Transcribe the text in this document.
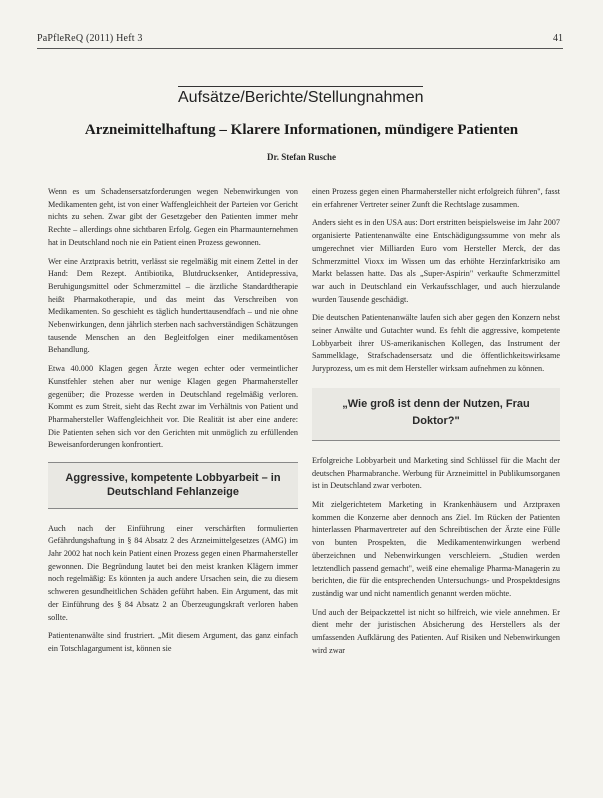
PaPfleReQ (2011) Heft 3	41
Aufsätze/Berichte/Stellungnahmen
Arzneimittelhaftung – Klarere Informationen, mündigere Patienten
Dr. Stefan Rusche

Wenn es um Schadensersatzforderungen wegen Nebenwirkungen von Medikamenten geht, ist von einer Waffengleichheit der Parteien vor Gericht nichts zu sehen. Zwar gibt der Gesetzgeber den Patienten immer mehr Rechte – allerdings ohne sichtbaren Erfolg. Gegen ein Pharmaunternehmen hat in Deutschland noch nie ein Patient einen Prozess gewonnen.

Wer eine Arztpraxis betritt, verlässt sie regelmäßig mit einem Zettel in der Hand: Dem Rezept. Antibiotika, Blutdrucksenker, Antidepressiva, Beruhigungsmittel oder Schmerzmittel – die ärztliche Standardtherapie heißt Pharmakotherapie, und das meint das Verschreiben von Medikamenten. So geschieht es täglich hunderttausendfach – und nie ohne Nebenwirkungen, denn jährlich sterben nach sachverständigen Schätzungen tausende Menschen an den Begleitfolgen einer medikamentösen Behandlung.

Etwa 40.000 Klagen gegen Ärzte wegen echter oder vermeintlicher Kunstfehler stehen aber nur wenige Klagen gegen Pharmahersteller gegenüber; die Prozesse werden in Deutschland regelmäßig verloren. Kommt es zum Streit, sieht das Recht zwar im Verhältnis von Patient und Pharmahersteller Waffengleichheit vor. Die Realität ist aber eine andere: Die Patienten sehen sich vor den Gerichten mit unmöglich zu erfüllenden Beweisanforderungen konfrontiert.

Aggressive, kompetente Lobbyarbeit – in Deutschland Fehlanzeige

Auch nach der Einführung einer verschärften formulierten Gefährdungshaftung in § 84 Absatz 2 des Arzneimittelgesetzes (AMG) im Jahr 2002 hat noch kein Patient einen Prozess gegen einen Pharmahersteller gewonnen. Die Begründung lautet bei den meist kranken Klägern immer noch regelmäßig: Es könnten ja auch andere Ursachen sein, die zu diesem schweren gesundheitlichen Schäden geführt haben. Ein Argument, das mit der Einführung des § 84 Absatz 2 an Überzeugungskraft verloren haben sollte.

Patientenanwälte sind frustriert. „Mit diesem Argument, das ganz einfach ein Totschlagargument ist, können sie

einen Prozess gegen einen Pharmahersteller nicht erfolgreich führen", fasst ein erfahrener Vertreter seiner Zunft die Rechtslage zusammen.

Anders sieht es in den USA aus: Dort erstritten beispielsweise im Jahr 2007 organisierte Patientenanwälte eine Entschädigungssumme von mehr als umgerechnet vier Milliarden Euro vom Hersteller Merck, der das Schmerzmittel Vioxx im Wissen um das erhöhte Herzinfarktrisiko am Markt belassen hatte. Das als „Super-Aspirin" verkaufte Schmerzmittel war auch in Deutschland ein Verkaufsschlager, und auch hierzulande wurden Tausende geschädigt.

Die deutschen Patientenanwälte laufen sich aber gegen den Konzern nebst seiner Anwälte und Gutachter wund. Es fehlt die aggressive, kompetente Lobbyarbeit ihrer US-amerikanischen Kollegen, das Instrument der Sammelklage, Strafschadensersatz und die öffentlichkeitswirksame Juryprozess, um es mit dem Hersteller wirksam aufnehmen zu können.

„Wie groß ist denn der Nutzen, Frau Doktor?"

Erfolgreiche Lobbyarbeit und Marketing sind Schlüssel für die Macht der deutschen Pharmabranche. Werbung für Arzneimittel in Publikumsorganen ist in Deutschland zwar verboten.

Mit zielgerichtetem Marketing in Krankenhäusern und Arztpraxen kommen die Konzerne aber dennoch ans Ziel. Im Rücken der Patienten hinterlassen Pharmavertreter auf den Schreibtischen der Ärzte eine Fülle von bunten Prospekten, die Medikamentenwirkungen werbend überzeichnen und Nebenwirkungen verschleiern. „Studien werden letztendlich passend gemacht", weiß eine ehemalige Pharma-Managerin zu berichten, die für die entsprechenden Untersuchungs- und Prospektdesigns zuständig war und nicht namentlich genannt werden möchte.

Und auch der Beipackzettel ist nicht so hilfreich, wie viele annehmen. Er dient mehr der juristischen Absicherung des Herstellers als der umfassenden Aufklärung des Patienten. Auf Risiken und Nebenwirkungen wird zwar
